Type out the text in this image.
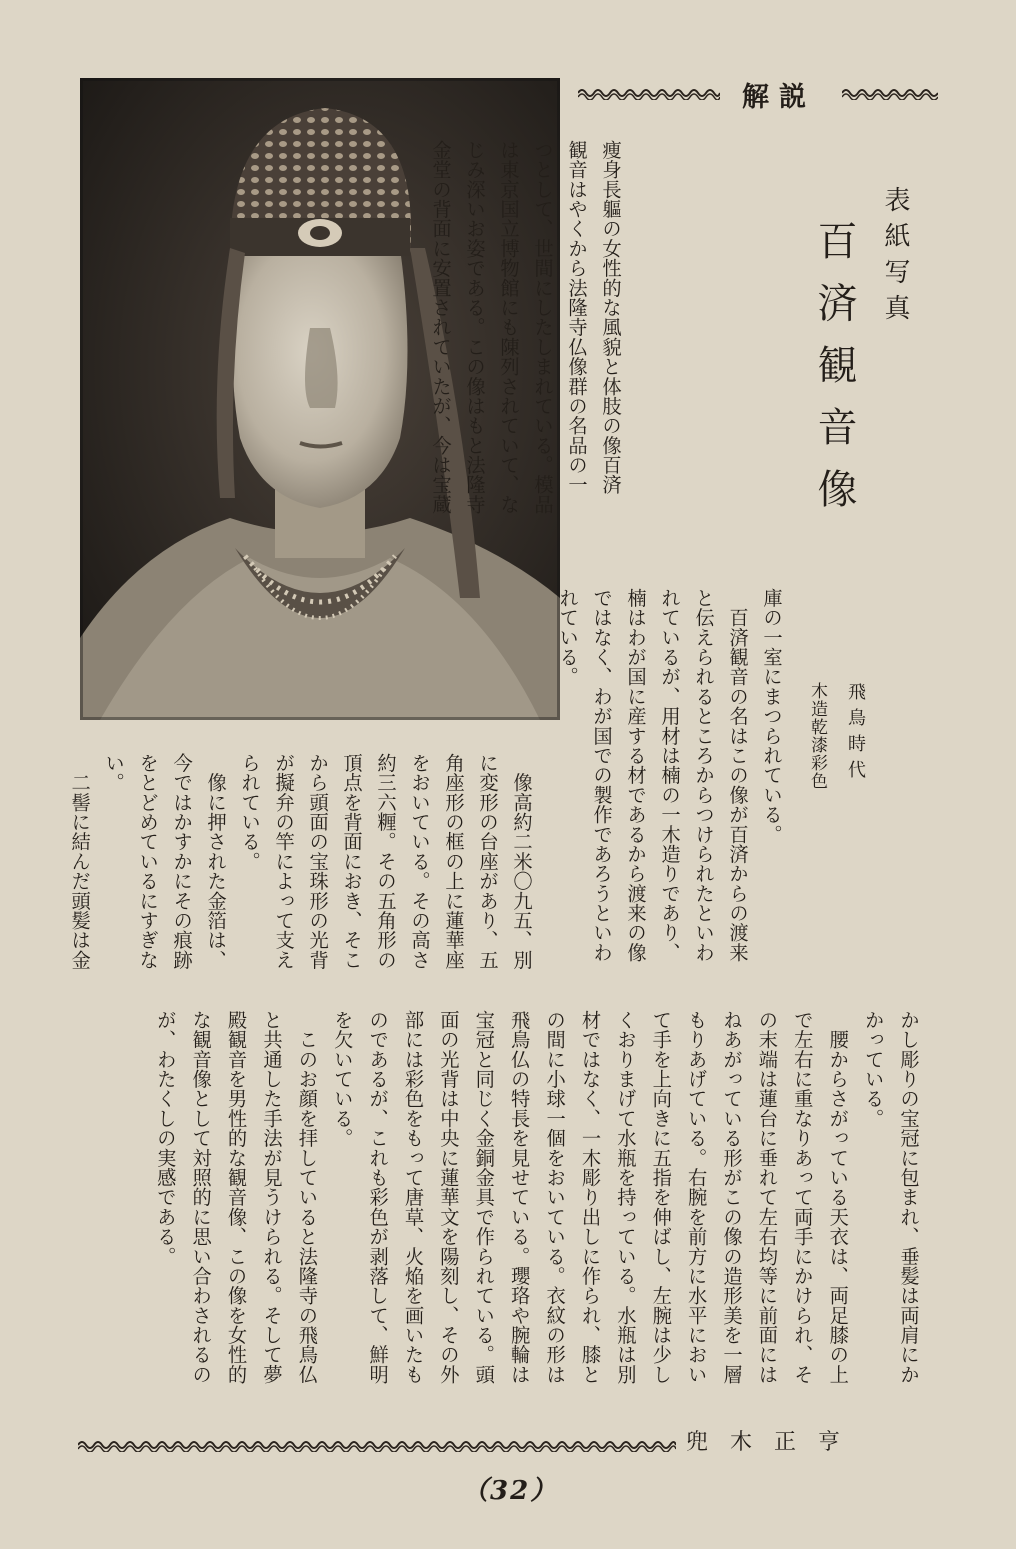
解説
表紙写真
百済観音像
飛鳥時代
木造乾漆彩色
痩身長軀の女性的な風貌と体肢の像百済
観音はやくから法隆寺仏像群の名品の一
つとして、世間にしたしまれている。模品
は東京国立博物館にも陳列されていて、な
じみ深いお姿である。この像はもと法隆寺
金堂の背面に安置されていたが、今は宝蔵
庫の一室にまつられている。
　百済観音の名はこの像が百済からの渡来
と伝えられるところからつけられたといわ
れているが、用材は楠の一木造りであり、
楠はわが国に産する材であるから渡来の像
ではなく、わが国での製作であろうといわ
れている。
　像高約二米〇九五、別
に変形の台座があり、五
角座形の框の上に蓮華座
をおいている。その高さ
約三六糎。その五角形の
頂点を背面におき、そこ
から頭面の宝珠形の光背
が擬弁の竿によって支え
られている。
　像に押された金箔は、
今ではかすかにその痕跡
をとどめているにすぎな
い。
　二髻に結んだ頭髪は金
かし彫りの宝冠に包まれ、垂髪は両肩にか
かっている。
　腰からさがっている天衣は、両足膝の上
で左右に重なりあって両手にかけられ、そ
の末端は蓮台に垂れて左右均等に前面には
ねあがっている形がこの像の造形美を一層
もりあげている。右腕を前方に水平におい
て手を上向きに五指を伸ばし、左腕は少し
くおりまげて水瓶を持っている。水瓶は別
材ではなく、一木彫り出しに作られ、膝と
の間に小球一個をおいている。衣紋の形は
飛鳥仏の特長を見せている。瓔珞や腕輪は
宝冠と同じく金銅金具で作られている。頭
面の光背は中央に蓮華文を陽刻し、その外
部には彩色をもって唐草、火焔を画いたも
のであるが、これも彩色が剥落して、鮮明
を欠いている。
　このお顔を拝していると法隆寺の飛鳥仏
と共通した手法が見うけられる。そして夢
殿観音を男性的な観音像、この像を女性的
な観音像として対照的に思い合わされるの
が、わたくしの実感である。
兜木正亨
（32）
